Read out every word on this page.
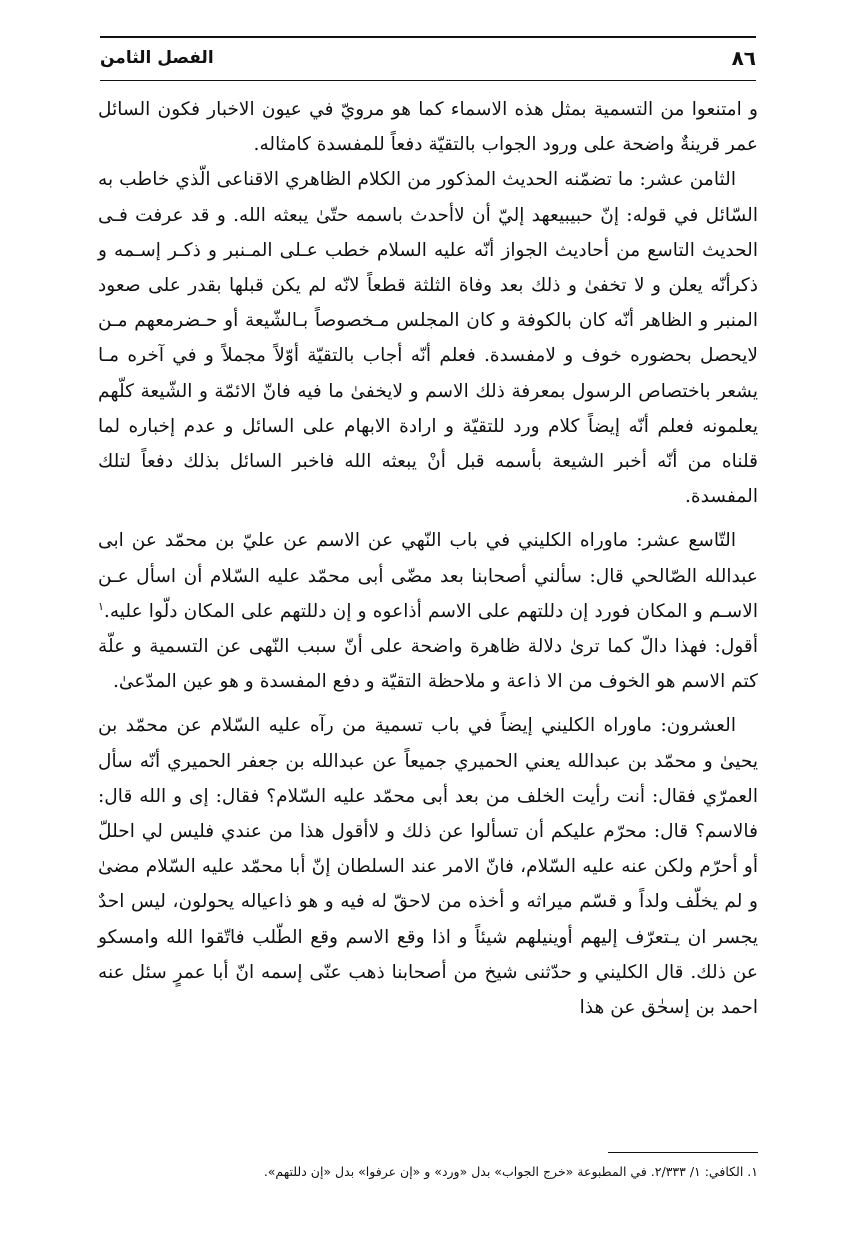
٨٦
الفصل الثامن

و امتنعوا من التسمية بمثل هذه الاسماء كما هو مرويّ في عيون الاخبار فكون السائل عمر قرينةٌ واضحة على ورود الجواب بالتقيّة دفعاً للمفسدة كامثاله.

الثامن عشر: ما تضمّنه الحديث المذكور من الكلام الظاهري الاقناعى الّذي خاطب به السّائل في قوله: إنّ حبيبيعهد إليّ أن لاأحدث باسمه حتّىٰ يبعثه الله. و قد عرفت فـى الحديث التاسع من أحاديث الجواز أنّه عليه السلام خطب عـلى المـنبر و ذكـر إسـمه و ذكرأنّه يعلن و لا تخفىٰ و ذلك بعد وفاة الثلثة قطعاً لانّه لم يكن قبلها بقدر على صعود المنبر و الظاهر أنّه كان بالكوفة و كان المجلس مـخصوصاً بـالشّيعة أو حـضرمعهم مـن لايحصل بحضوره خوف و لامفسدة. فعلم أنّه أجاب بالتقيّة أوّلاً مجملاً و في آخره مـا يشعر باختصاص الرسول بمعرفة ذلك الاسم و لايخفىٰ ما فيه فانّ الائمّة و الشّيعة كلّهم يعلمونه فعلم أنّه إيضاً كلام ورد للتقيّة و ارادة الابهام على السائل و عدم إخباره لما قلناه من أنّه أخبر الشيعة بأسمه قبل أنْ يبعثه الله فاخبر السائل بذلك دفعاً لتلك المفسدة.

التّاسع عشر: ماوراه الكليني في باب النّهي عن الاسم عن عليّ بن محمّد عن ابى عبدالله الصّالحي قال: سألني أصحابنا بعد مضّى أبى محمّد عليه السّلام أن اسأل عـن الاسـم و المكان فورد إن دللتهم على الاسم أذاعوه و إن دللتهم على المكان دلّوا عليه.$^١$ أقول: فهذا دالّ كما ترىٰ دلالة ظاهرة واضحة على أنّ سبب النّهى عن التسمية و علّة كتم الاسم هو الخوف من الا ذاعة و ملاحظة التقيّة و دفع المفسدة و هو عين المدّعىٰ.

العشرون: ماوراه الكليني إيضاً في باب تسمية من رآه عليه السّلام عن محمّد بن يحيىٰ و محمّد بن عبدالله يعني الحميري جميعاً عن عبدالله بن جعفر الحميري أنّه سأل العمرّي فقال: أنت رأيت الخلف من بعد أبى محمّد عليه السّلام؟ فقال: إى و الله قال: فالاسم؟ قال: محرّم عليكم أن تسألوا عن ذلك و لاأقول هذا من عندي فليس لي احللّ أو أحرّم ولكن عنه عليه السّلام، فانّ الامر عند السلطان إنّ أبا محمّد عليه السّلام مضىٰ و لم يخلّف ولداً و قسّم ميراثه و أخذه من لاحقّ له فيه و هو ذاعياله يحولون، ليس احدٌ يجسر ان يـتعرّف إليهم أوينيلهم شيئاً و اذا وقع الاسم وقع الطّلب فاتّقوا الله وامسكو عن ذلك. قال الكليني و حدّثنى شيخ من أصحابنا ذهب عنّى إسمه انّ أبا عمرٍ سئل عنه احمد بن إسحٰق عن هذا

١. الكافي: ١/ ٢/٣٣٣. في المطبوعة «خرج الجواب» بدل «ورد» و «إن عرفوا» بدل «إن دللتهم».
